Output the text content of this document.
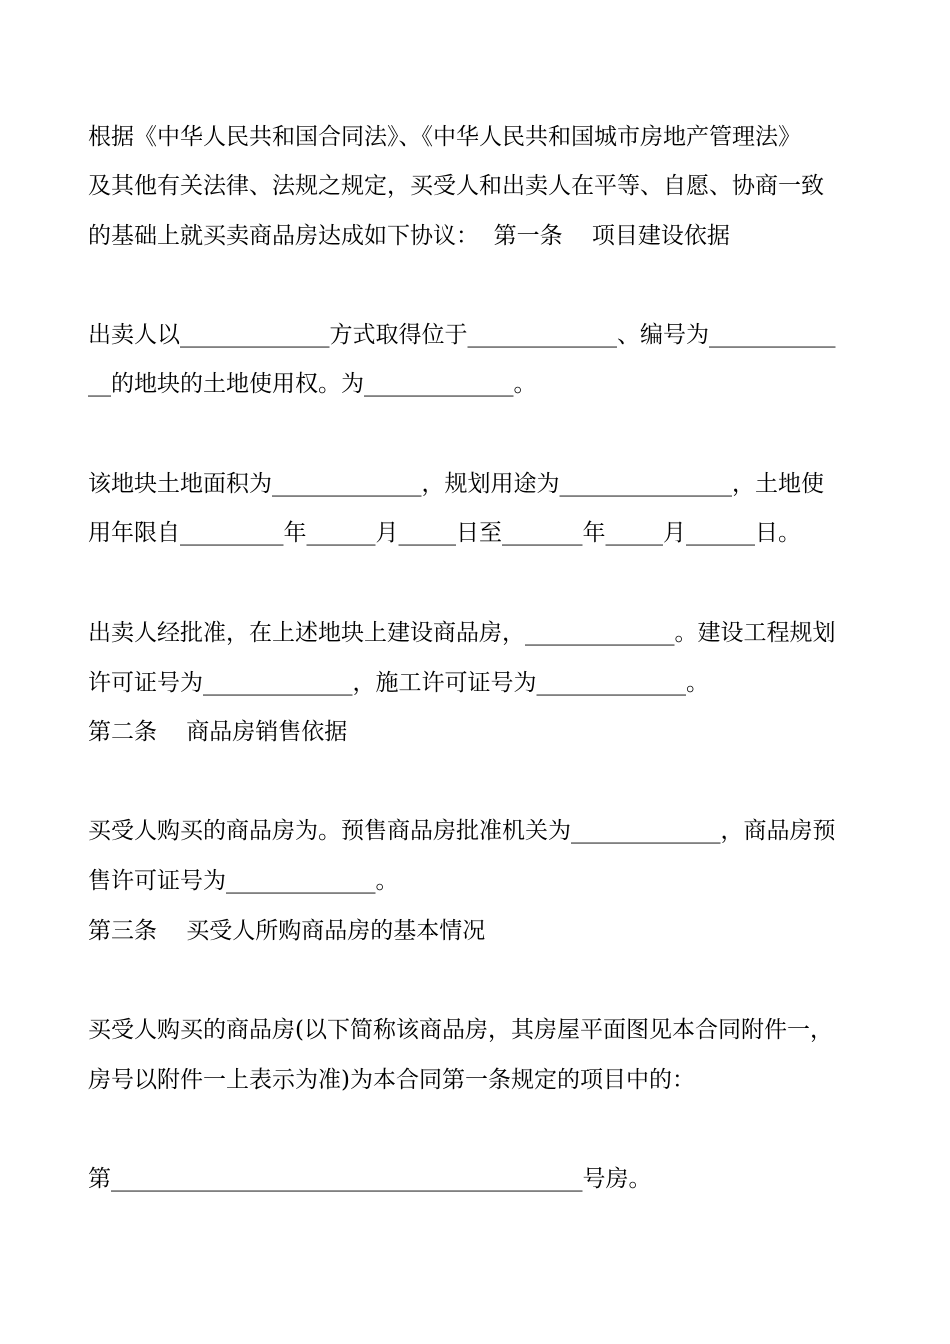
根据《中华人民共和国合同法》、《中华人民共和国城市房地产管理法》

及其他有关法律、法规之规定，买受人和出卖人在平等、自愿、协商一致

的基础上就买卖商品房达成如下协议：  第一条    项目建设依据

出卖人以_____________方式取得位于_____________、编号为___________

__的地块的土地使用权。为_____________。

该地块土地面积为_____________，规划用途为_______________，土地使

用年限自_________年______月_____日至_______年_____月______日。

出卖人经批准，在上述地块上建设商品房，_____________。建设工程规划

许可证号为_____________，施工许可证号为_____________。

第二条    商品房销售依据

买受人购买的商品房为。预售商品房批准机关为_____________，商品房预

售许可证号为_____________。

第三条    买受人所购商品房的基本情况

买受人购买的商品房(以下简称该商品房，其房屋平面图见本合同附件一，

房号以附件一上表示为准)为本合同第一条规定的项目中的：

第_________________________________________号房。
